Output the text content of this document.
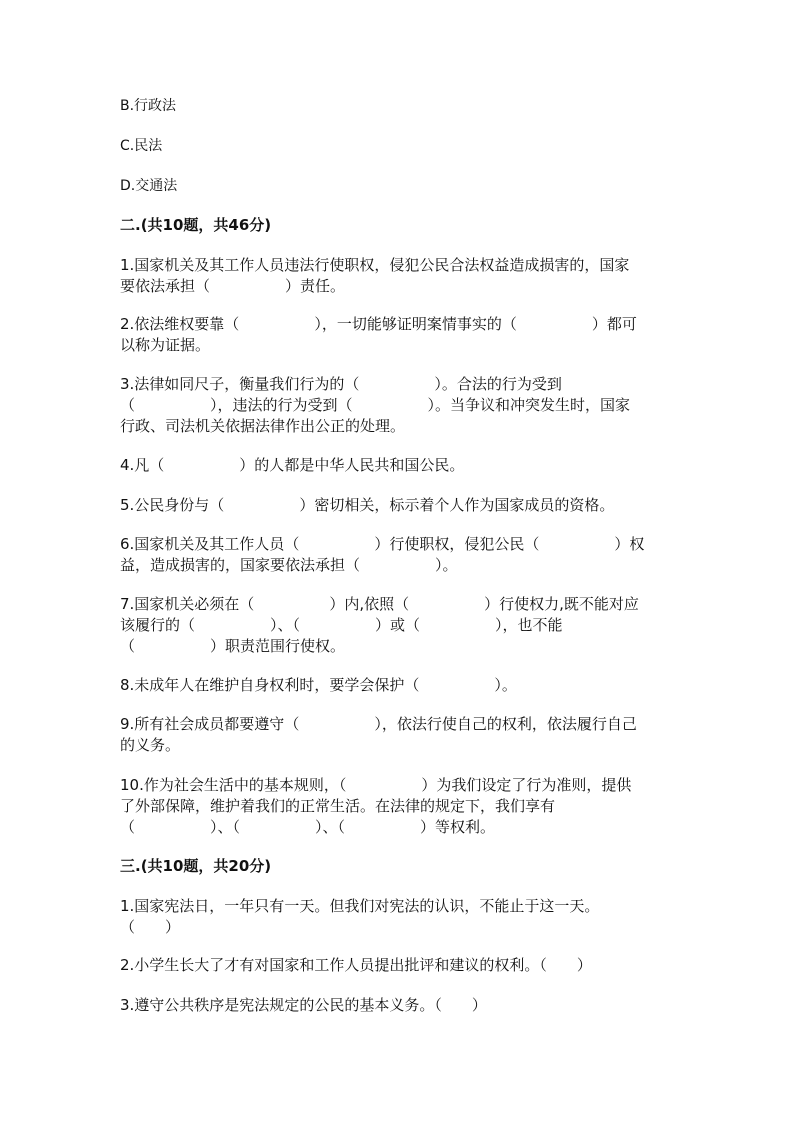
B.行政法
C.民法
D.交通法
二.(共10题，共46分)
1.国家机关及其工作人员违法行使职权，侵犯公民合法权益造成损害的，国家
要依法承担（　　　　　）责任。
2.依法维权要靠（　　　　　），一切能够证明案情事实的（　　　　　）都可
以称为证据。
3.法律如同尺子，衡量我们行为的（　　　　　）。合法的行为受到
（　　　　　），违法的行为受到（　　　　　）。当争议和冲突发生时，国家
行政、司法机关依据法律作出公正的处理。
4.凡（　　　　　）的人都是中华人民共和国公民。
5.公民身份与（　　　　　）密切相关，标示着个人作为国家成员的资格。
6.国家机关及其工作人员（　　　　　）行使职权，侵犯公民（　　　　　）权
益，造成损害的，国家要依法承担（　　　　　）。
7.国家机关必须在（　　　　　）内,依照（　　　　　）行使权力,既不能对应
该履行的（　　　　　）、（　　　　　）或（　　　　　），也不能
（　　　　　）职责范围行使权。
8.未成年人在维护自身权利时，要学会保护（　　　　　）。
9.所有社会成员都要遵守（　　　　　），依法行使自己的权利，依法履行自己
的义务。
10.作为社会生活中的基本规则，（　　　　　）为我们设定了行为准则，提供
了外部保障，维护着我们的正常生活。在法律的规定下，我们享有
（　　　　　）、（　　　　　）、（　　　　　）等权利。
三.(共10题，共20分)
1.国家宪法日，一年只有一天。但我们对宪法的认识，不能止于这一天。
（　　）
2.小学生长大了才有对国家和工作人员提出批评和建议的权利。（　　）
3.遵守公共秩序是宪法规定的公民的基本义务。（　　）
